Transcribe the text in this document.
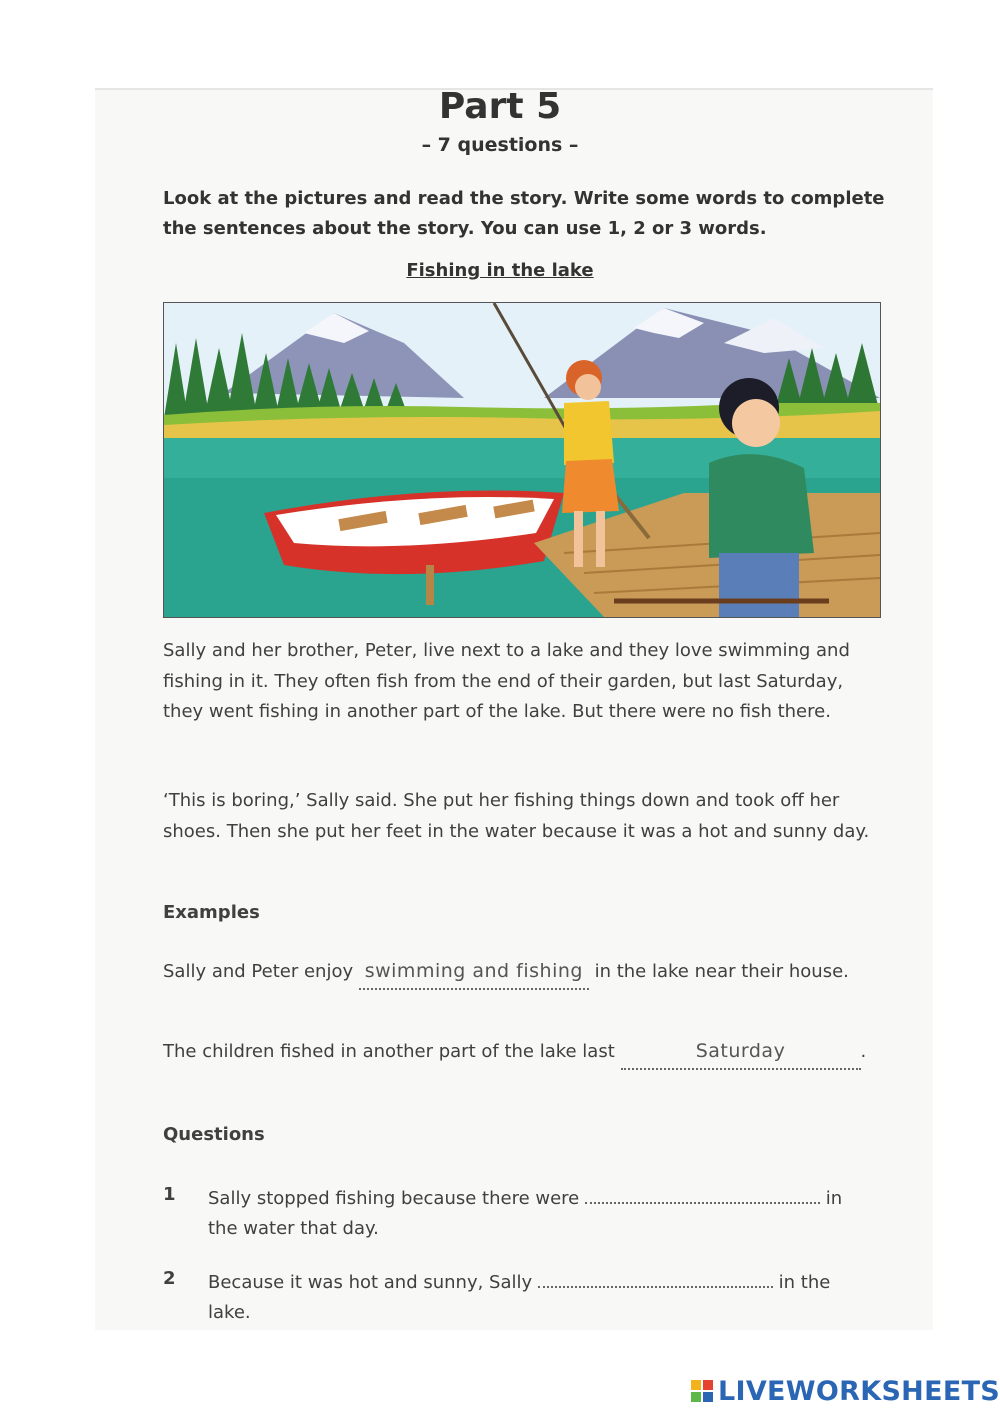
Part 5
– 7 questions –
Look at the pictures and read the story. Write some words to complete the sentences about the story. You can use 1, 2 or 3 words.
Fishing in the lake
Sally and her brother, Peter, live next to a lake and they love swimming and fishing in it. They often fish from the end of their garden, but last Saturday, they went fishing in another part of the lake. But there were no fish there.
‘This is boring,’ Sally said. She put her fishing things down and took off her shoes. Then she put her feet in the water because it was a hot and sunny day.
Examples
Sally and Peter enjoy swimming and fishing in the lake near their house.
The children fished in another part of the lake last	Saturday	.
Questions
1 Sally stopped fishing because there were	in the water that day.
2 Because it was hot and sunny, Sally	in the lake.
LIVEWORKSHEETS
